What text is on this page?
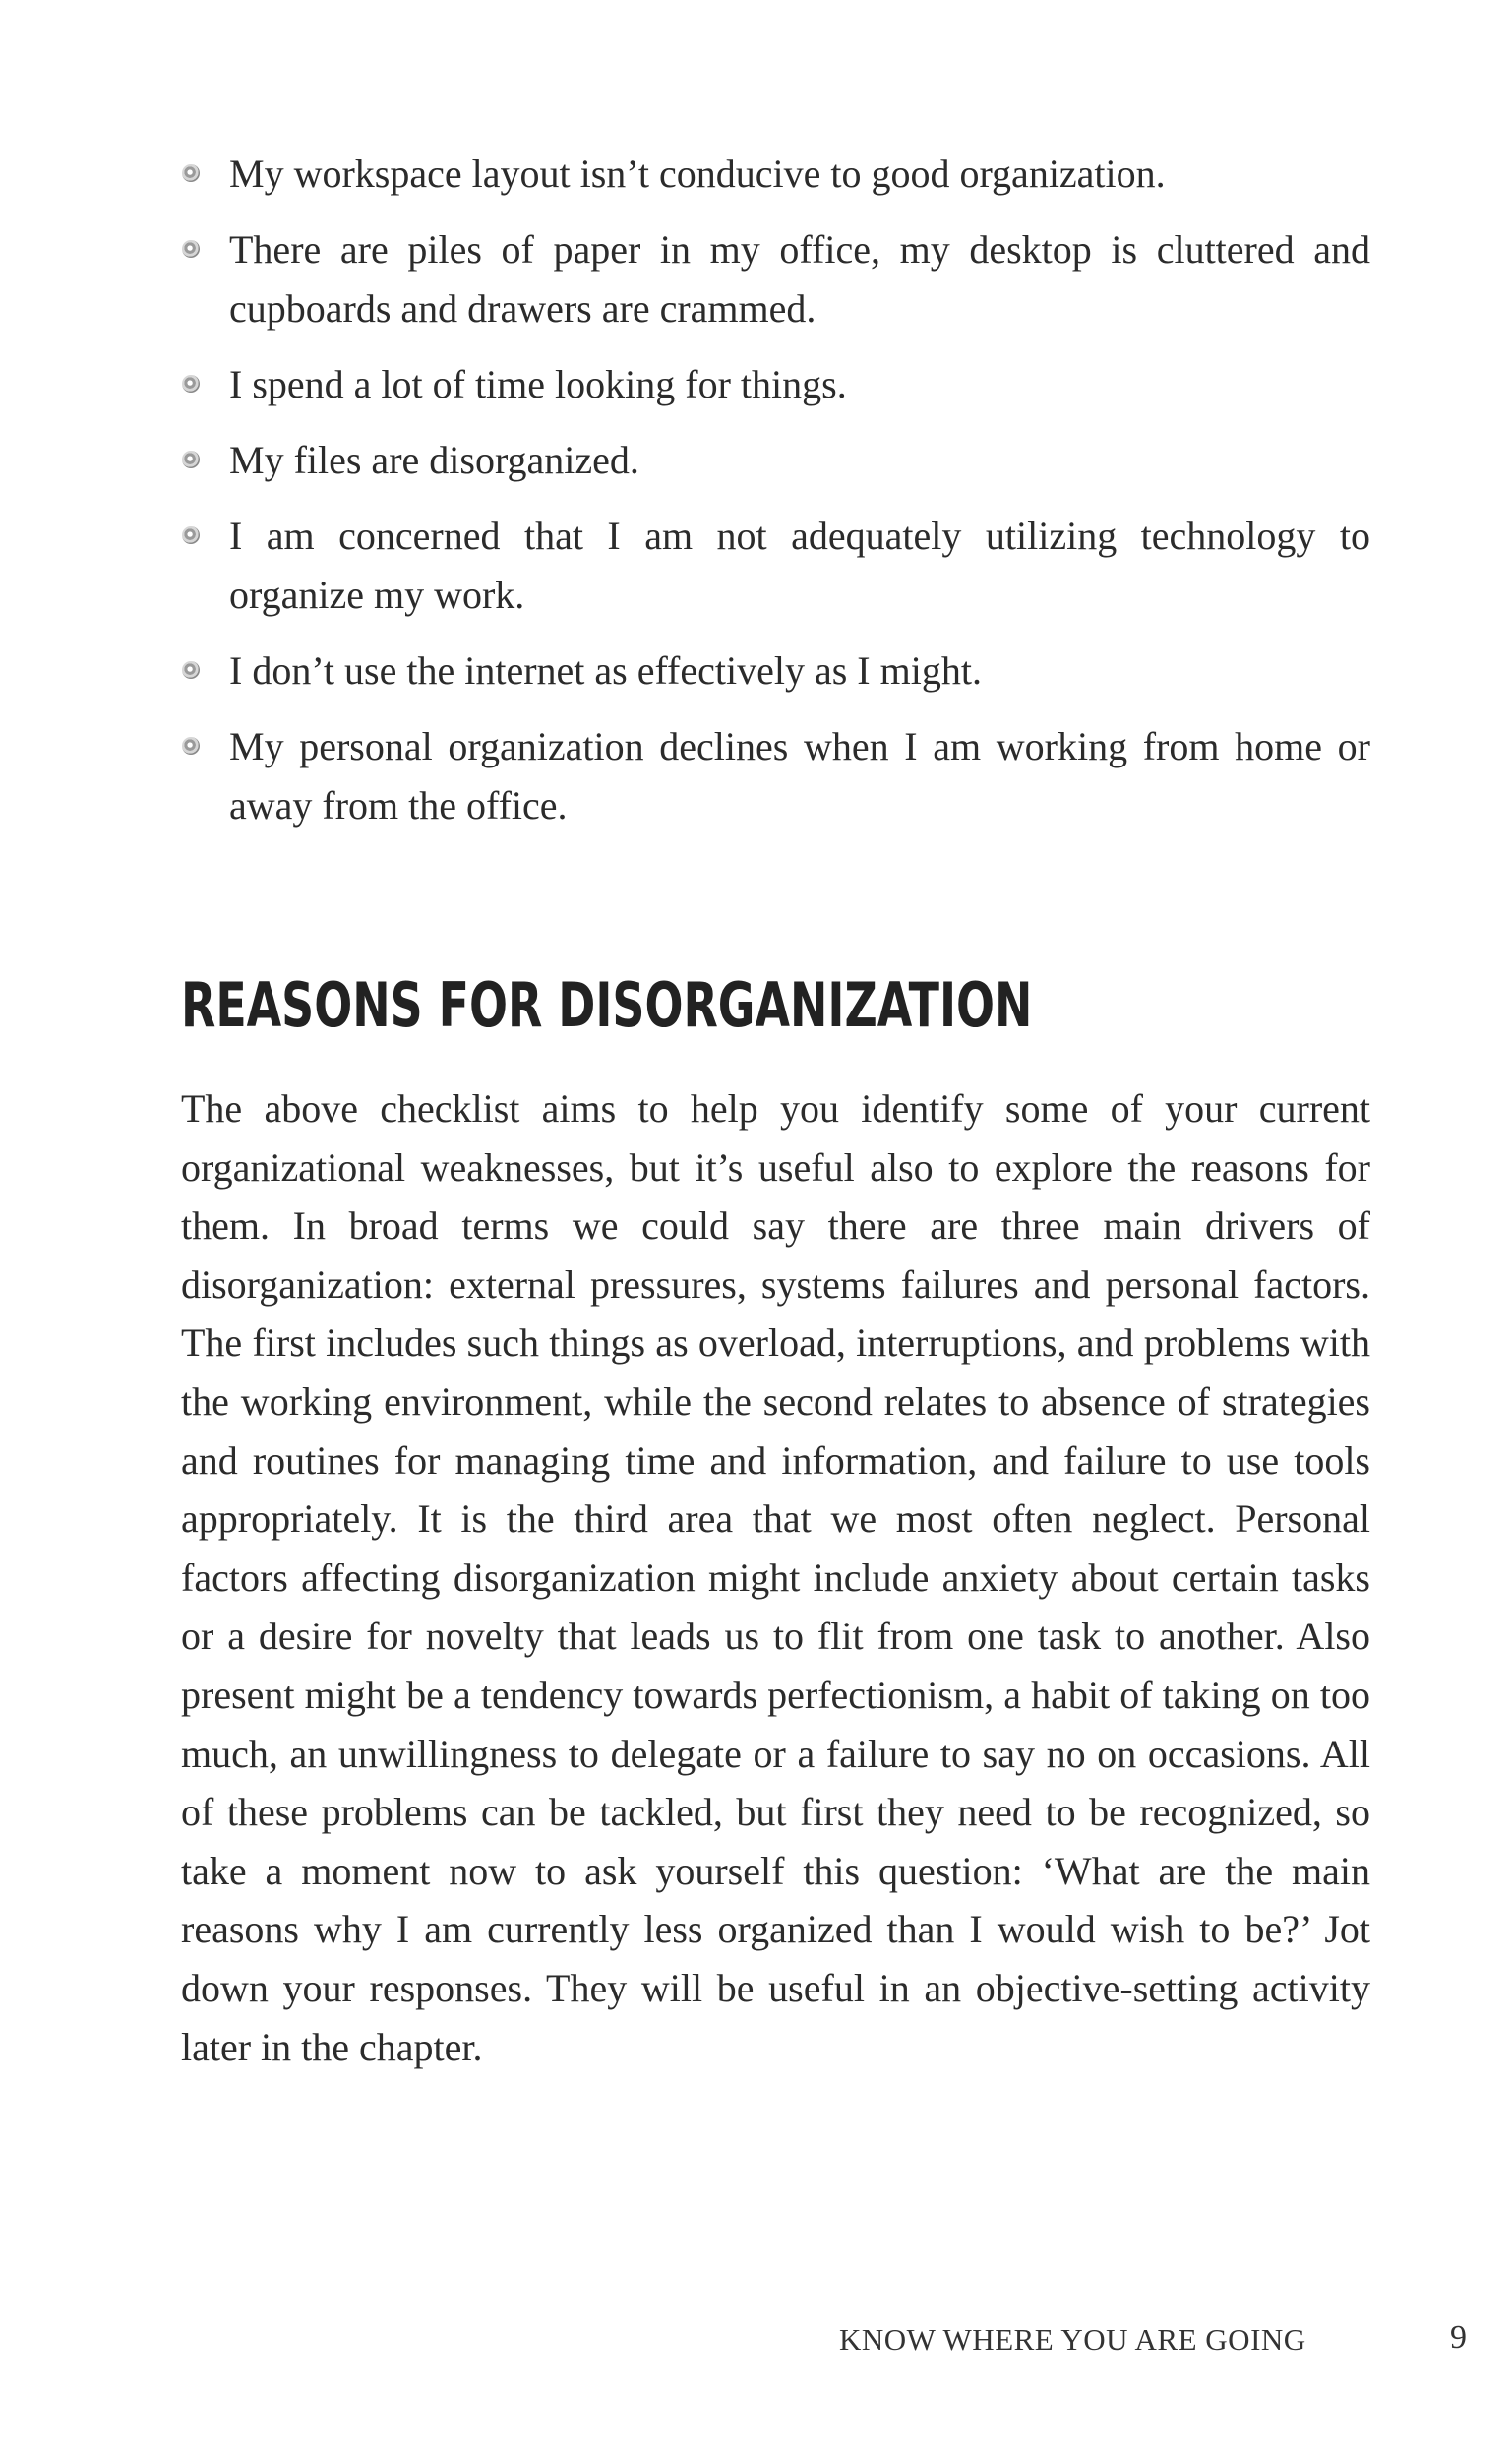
My workspace layout isn’t conducive to good organization.
There are piles of paper in my office, my desktop is cluttered and cupboards and drawers are crammed.
I spend a lot of time looking for things.
My files are disorganized.
I am concerned that I am not adequately utilizing technology to organize my work.
I don’t use the internet as effectively as I might.
My personal organization declines when I am working from home or away from the office.
REASONS FOR DISORGANIZATION

The above checklist aims to help you identify some of your current organizational weaknesses, but it’s useful also to explore the reasons for them. In broad terms we could say there are three main drivers of disorganization: external pressures, systems failures and personal factors. The first includes such things as overload, interruptions, and problems with the working environment, while the second relates to absence of strategies and routines for managing time and information, and failure to use tools appropriately. It is the third area that we most often neglect. Personal factors affecting disorganization might include anxiety about certain tasks or a desire for novelty that leads us to flit from one task to another. Also present might be a tendency towards perfectionism, a habit of taking on too much, an unwillingness to delegate or a failure to say no on occasions. All of these problems can be tackled, but first they need to be recognized, so take a moment now to ask yourself this question: ‘What are the main reasons why I am currently less organized than I would wish to be?’ Jot down your responses. They will be useful in an objective-setting activity later in the chapter.

KNOW WHERE YOU ARE GOING	9
